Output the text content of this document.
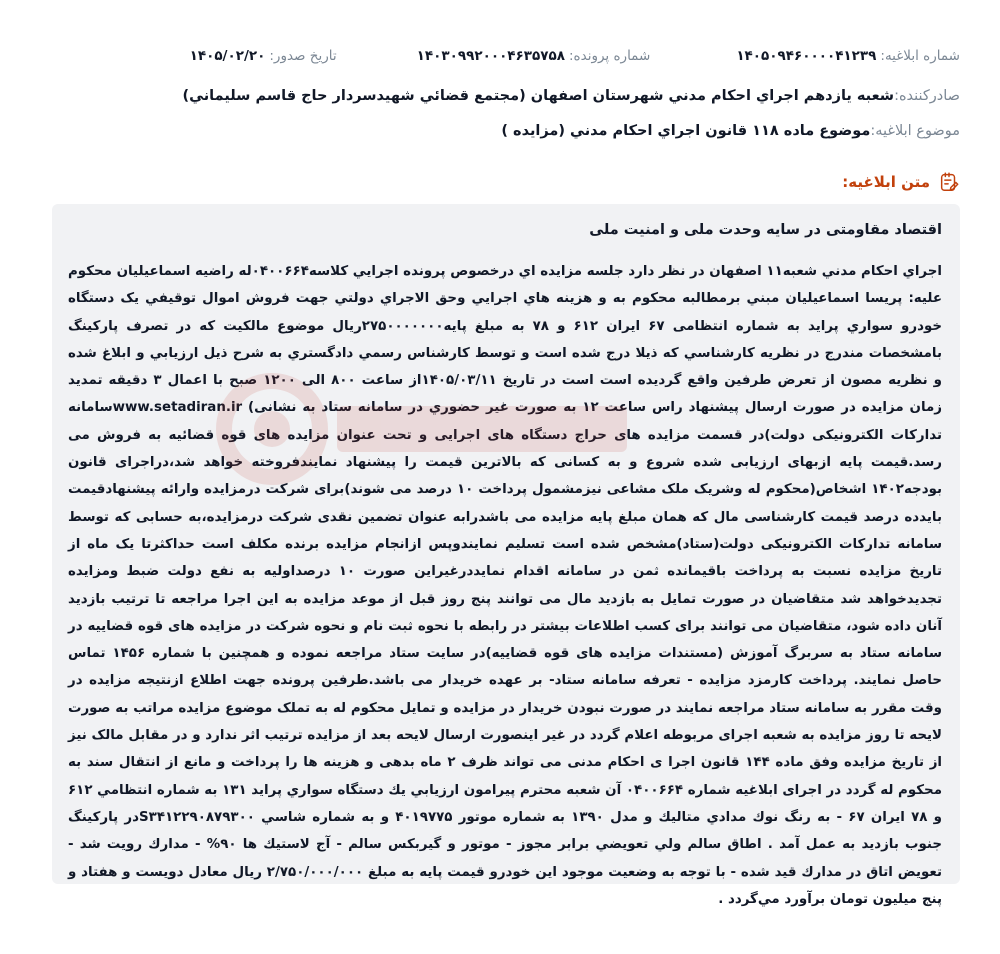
شماره ابلاغیه:
۱۴۰۵۰۹۴۶۰۰۰۰۴۱۲۳۹
شماره پرونده:
۱۴۰۳۰۹۹۲۰۰۰۴۶۳۵۷۵۸
تاریخ صدور:
۱۴۰۵/۰۲/۲۰
صادرکننده:
شعبه يازدهم اجراي احكام مدني شهرستان اصفهان (مجتمع قضائي شهيدسردار حاج قاسم سليماني)
موضوع ابلاغیه:
موضوع ماده ۱۱۸ قانون اجراي احكام مدني (مزايده )
متن ابلاغیه:

اقتصاد مقاومتی در سایه وحدت ملی و امنیت ملی

اجراي احكام مدني شعبه۱۱ اصفهان در نظر دارد جلسه مزايده اي درخصوص پرونده اجرايي كلاسه۰۴۰۰۶۶۴له راضیه اسماعیلیان محکوم علیه: پریسا اسماعیلیان مبني برمطالبه محكوم به و هزینه هاي اجرايي وحق الاجراي دولتي جهت فروش اموال توقيفي یک دستگاه خودرو سواري پراید به شماره انتظامی ۶۷ ایران ۶۱۲ و ۷۸ به مبلغ پايه۲۷۵۰۰۰۰۰۰۰ريال موضوع مالكيت كه در تصرف پارکینگ بامشخصات مندرج در نظريه كارشناسي كه ذيلا درج شده است و توسط كارشناس رسمي دادگستري به شرح ذيل ارزيابي و ابلاغ شده و نظريه مصون از تعرض طرفين واقع گرديده است است در تاريخ ۱۴۰۵/۰۳/۱۱از ساعت ۸۰۰ الی ۱۲۰۰ صبح با اعمال ۳ دقیقه تمدید زمان مزایده در صورت ارسال پیشنهاد راس ساعت ۱۲ به صورت غير حضوري در سامانه ستاد به نشانی) www.setadiran.irسامانه تدارکات الکترونیکی دولت)در قسمت مزایده های حراج دستگاه های اجرایی و تحت عنوان مزایده های قوه قضائیه به فروش می رسد.قیمت پایه ازبهای ارزیابی شده شروع و به کسانی که بالاترین قیمت را پیشنهاد نمایندفروخته خواهد شد،دراجرای قانون بودجه۱۴۰۲ اشخاص(محکوم له وشریک ملک مشاعی نیزمشمول پرداخت ۱۰ درصد می شوند)برای شرکت درمزایده وارائه پیشنهادقیمت بایدده درصد قیمت کارشناسی مال که همان مبلغ پایه مزایده می باشدرابه عنوان تضمین نقدی شرکت درمزایده،به حسابی که توسط سامانه تدارکات الکترونیکی دولت(ستاد)مشخص شده است تسلیم نمایندوپس ازانجام مزایده برنده مکلف است حداکثرتا یک ماه از تاریخ مزایده نسبت به پرداخت باقیمانده ثمن در سامانه اقدام نمایددرغیراین صورت ۱۰ درصداولیه به نفع دولت ضبط ومزایده تجدیدخواهد شد متقاضیان در صورت تمایل به بازدید مال می توانند پنج روز قبل از موعد مزایده به این اجرا مراجعه تا ترتیب بازدید آنان داده شود، متقاضیان می توانند برای کسب اطلاعات بیشتر در رابطه با نحوه ثبت نام و نحوه شرکت در مزایده های قوه قضاییه در سامانه ستاد به سربرگ آموزش (مستندات مزایده های قوه قضاییه)در سایت ستاد مراجعه نموده و همچنین با شماره ۱۴۵۶ تماس حاصل نمایند. پرداخت کارمزد مزایده - تعرفه سامانه ستاد- بر عهده خریدار می باشد.طرفین پرونده جهت اطلاع ازنتیجه مزایده در وقت مقرر به سامانه ستاد مراجعه نمایند در صورت نبودن خریدار در مزایده و تمایل محکوم له به تملک موضوع مزایده مراتب به صورت لایحه تا روز مزایده به شعبه اجرای مربوطه اعلام گردد در غیر اینصورت ارسال لایحه بعد از مزایده ترتیب اثر ندارد و در مقابل مالک نیز از تاریخ مزایده وفق ماده ۱۴۴ قانون اجرا ی احکام مدنی می تواند ظرف ۲ ماه بدهی و هزینه ها را پرداخت و مانع از انتقال سند به محکوم له گردد در اجرای ابلاغیه شماره ۰۴۰۰۶۶۴ آن شعبه محترم پیرامون ارزيابي يك دستگاه سواري پرايد ۱۳۱ به شماره انتظامي ۶۱۲ و ۷۸ ايران ۶۷ - به رنگ نوك مدادي متاليك و مدل ۱۳۹۰ به شماره موتور ۴۰۱۹۷۷۵ و به شماره شاسي S۳۴۱۲۲۹۰۸۷۹۳۰۰در پاركينگ جنوب بازديد به عمل آمد . اطاق سالم ولي تعويضي برابر مجوز - موتور و گيربكس سالم - آج لاستيك ها ۹۰% - مدارك رويت شد - تعويض اتاق در مدارك قيد شده - با توجه به وضعيت موجود اين خودرو قيمت پايه به مبلغ ۲/۷۵۰/۰۰۰/۰۰۰ ريال معادل دويست و هفتاد و پنج ميليون تومان برآورد مي‌گردد .
